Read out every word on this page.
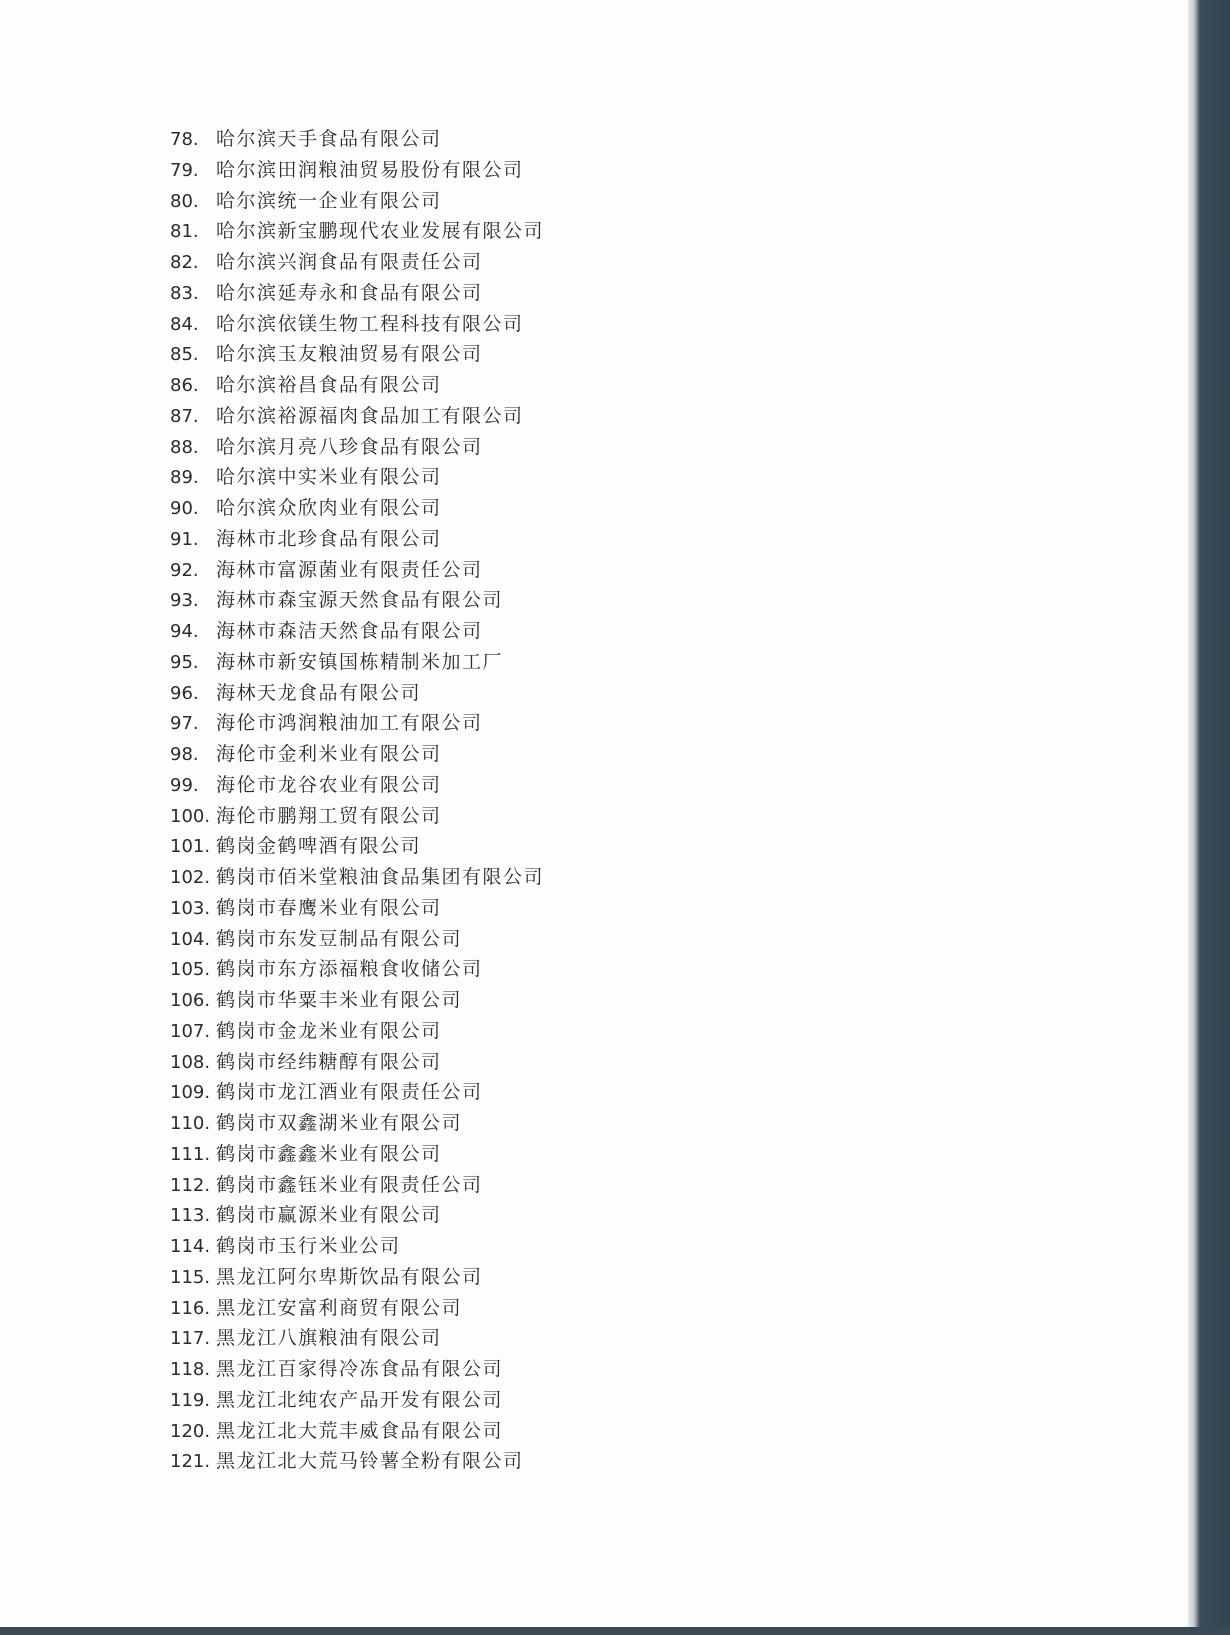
78. 哈尔滨天手食品有限公司
79. 哈尔滨田润粮油贸易股份有限公司
80. 哈尔滨统一企业有限公司
81. 哈尔滨新宝鹏现代农业发展有限公司
82. 哈尔滨兴润食品有限责任公司
83. 哈尔滨延寿永和食品有限公司
84. 哈尔滨依镁生物工程科技有限公司
85. 哈尔滨玉友粮油贸易有限公司
86. 哈尔滨裕昌食品有限公司
87. 哈尔滨裕源福肉食品加工有限公司
88. 哈尔滨月亮八珍食品有限公司
89. 哈尔滨中实米业有限公司
90. 哈尔滨众欣肉业有限公司
91. 海林市北珍食品有限公司
92. 海林市富源菌业有限责任公司
93. 海林市森宝源天然食品有限公司
94. 海林市森洁天然食品有限公司
95. 海林市新安镇国栋精制米加工厂
96. 海林天龙食品有限公司
97. 海伦市鸿润粮油加工有限公司
98. 海伦市金利米业有限公司
99. 海伦市龙谷农业有限公司
100. 海伦市鹏翔工贸有限公司
101. 鹤岗金鹤啤酒有限公司
102. 鹤岗市佰米堂粮油食品集团有限公司
103. 鹤岗市春鹰米业有限公司
104. 鹤岗市东发豆制品有限公司
105. 鹤岗市东方添福粮食收储公司
106. 鹤岗市华粟丰米业有限公司
107. 鹤岗市金龙米业有限公司
108. 鹤岗市经纬糖醇有限公司
109. 鹤岗市龙江酒业有限责任公司
110. 鹤岗市双鑫湖米业有限公司
111. 鹤岗市鑫鑫米业有限公司
112. 鹤岗市鑫钰米业有限责任公司
113. 鹤岗市赢源米业有限公司
114. 鹤岗市玉行米业公司
115. 黑龙江阿尔卑斯饮品有限公司
116. 黑龙江安富利商贸有限公司
117. 黑龙江八旗粮油有限公司
118. 黑龙江百家得冷冻食品有限公司
119. 黑龙江北纯农产品开发有限公司
120. 黑龙江北大荒丰威食品有限公司
121. 黑龙江北大荒马铃薯全粉有限公司
